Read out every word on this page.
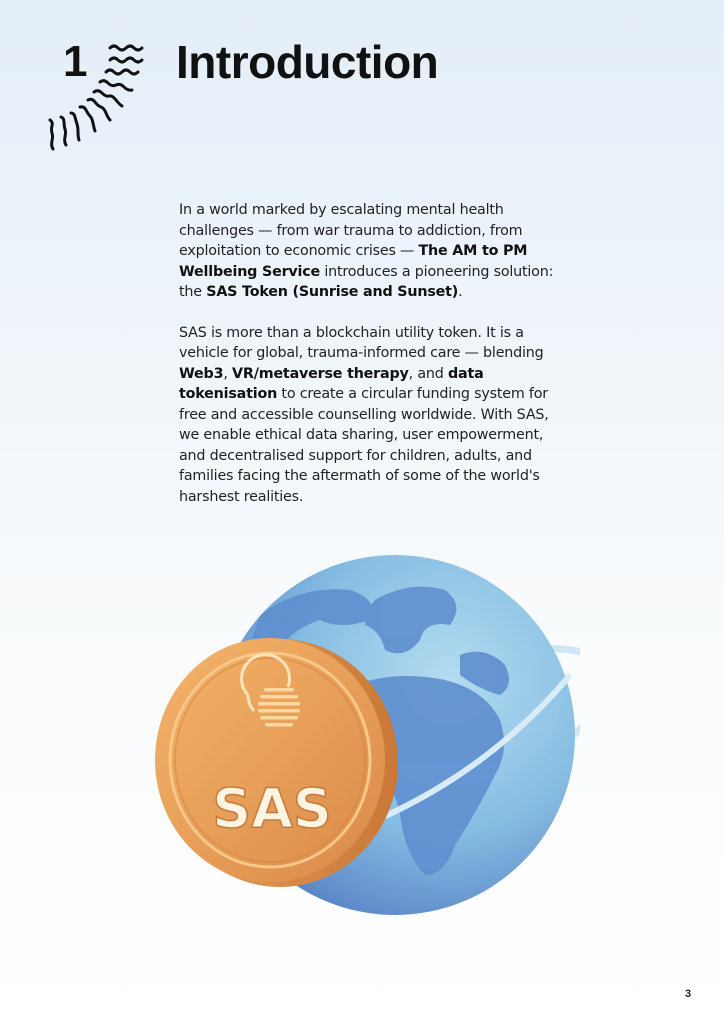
1 Introduction

In a world marked by escalating mental health challenges — from war trauma to addiction, from exploitation to economic crises — The AM to PM Wellbeing Service introduces a pioneering solution: the SAS Token (Sunrise and Sunset).

SAS is more than a blockchain utility token. It is a vehicle for global, trauma-informed care — blending Web3, VR/metaverse therapy, and data tokenisation to create a circular funding system for free and accessible counselling worldwide. With SAS, we enable ethical data sharing, user empowerment, and decentralised support for children, adults, and families facing the aftermath of some of the world's harshest realities.

SAS
3
